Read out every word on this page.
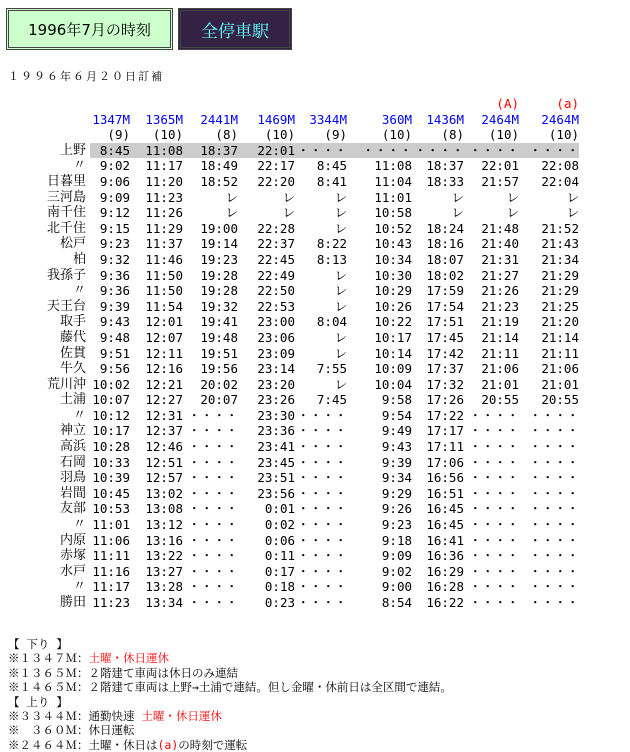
1996年7月の時刻	全停車駅
１９９６年６月２０日訂補
								(A)	(a)
	1347M	1365M	2441M	1469M	3344M	360M	1436M	2464M	2464M
	(9)	(10)	(8)	(10)	(9)	(10)	(8)	(10)	(10)
上野	8:45	11:08	18:37	22:01	・・・・	・・・・	・・・・	・・・・	・・・・
〃	9:02	11:17	18:49	22:17	8:45	11:08	18:37	22:01	22:08
日暮里	9:06	11:20	18:52	22:20	8:41	11:04	18:33	21:57	22:04
三河島	9:09	11:23	レ	レ	レ	11:01	レ	レ	レ
南千住	9:12	11:26	レ	レ	レ	10:58	レ	レ	レ
北千住	9:15	11:29	19:00	22:28	レ	10:52	18:24	21:48	21:52
松戸	9:23	11:37	19:14	22:37	8:22	10:43	18:16	21:40	21:43
柏	9:32	11:46	19:23	22:45	8:13	10:34	18:07	21:31	21:34
我孫子	9:36	11:50	19:28	22:49	レ	10:30	18:02	21:27	21:29
〃	9:36	11:50	19:28	22:50	レ	10:29	17:59	21:26	21:29
天王台	9:39	11:54	19:32	22:53	レ	10:26	17:54	21:23	21:25
取手	9:43	12:01	19:41	23:00	8:04	10:22	17:51	21:19	21:20
藤代	9:48	12:07	19:48	23:06	レ	10:17	17:45	21:14	21:14
佐貫	9:51	12:11	19:51	23:09	レ	10:14	17:42	21:11	21:11
牛久	9:56	12:16	19:56	23:14	7:55	10:09	17:37	21:06	21:06
荒川沖	10:02	12:21	20:02	23:20	レ	10:04	17:32	21:01	21:01
土浦	10:07	12:27	20:07	23:26	7:45	9:58	17:26	20:55	20:55
〃	10:12	12:31	・・・・	23:30	・・・・	9:54	17:22	・・・・	・・・・
神立	10:17	12:37	・・・・	23:36	・・・・	9:49	17:17	・・・・	・・・・
高浜	10:28	12:46	・・・・	23:41	・・・・	9:43	17:11	・・・・	・・・・
石岡	10:33	12:51	・・・・	23:45	・・・・	9:39	17:06	・・・・	・・・・
羽鳥	10:39	12:57	・・・・	23:51	・・・・	9:34	16:56	・・・・	・・・・
岩間	10:45	13:02	・・・・	23:56	・・・・	9:29	16:51	・・・・	・・・・
友部	10:53	13:08	・・・・	0:01	・・・・	9:26	16:45	・・・・	・・・・
〃	11:01	13:12	・・・・	0:02	・・・・	9:23	16:45	・・・・	・・・・
内原	11:06	13:16	・・・・	0:06	・・・・	9:18	16:41	・・・・	・・・・
赤塚	11:11	13:22	・・・・	0:11	・・・・	9:09	16:36	・・・・	・・・・
水戸	11:16	13:27	・・・・	0:17	・・・・	9:02	16:29	・・・・	・・・・
〃	11:17	13:28	・・・・	0:18	・・・・	9:00	16:28	・・・・	・・・・
勝田	11:23	13:34	・・・・	0:23	・・・・	8:54	16:22	・・・・	・・・・
【 下り 】
※１３４７Ｍ：土曜・休日運休
※１３６５Ｍ：２階建て車両は休日のみ連結
※１４６５Ｍ：２階建て車両は上野→土浦で連結。但し金曜・休前日は全区間で連結。
【 上り 】
※３３４４Ｍ：通勤快速 土曜・休日運休
※　３６０Ｍ：休日運転
※２４６４Ｍ：土曜・休日は(a)の時刻で運転
